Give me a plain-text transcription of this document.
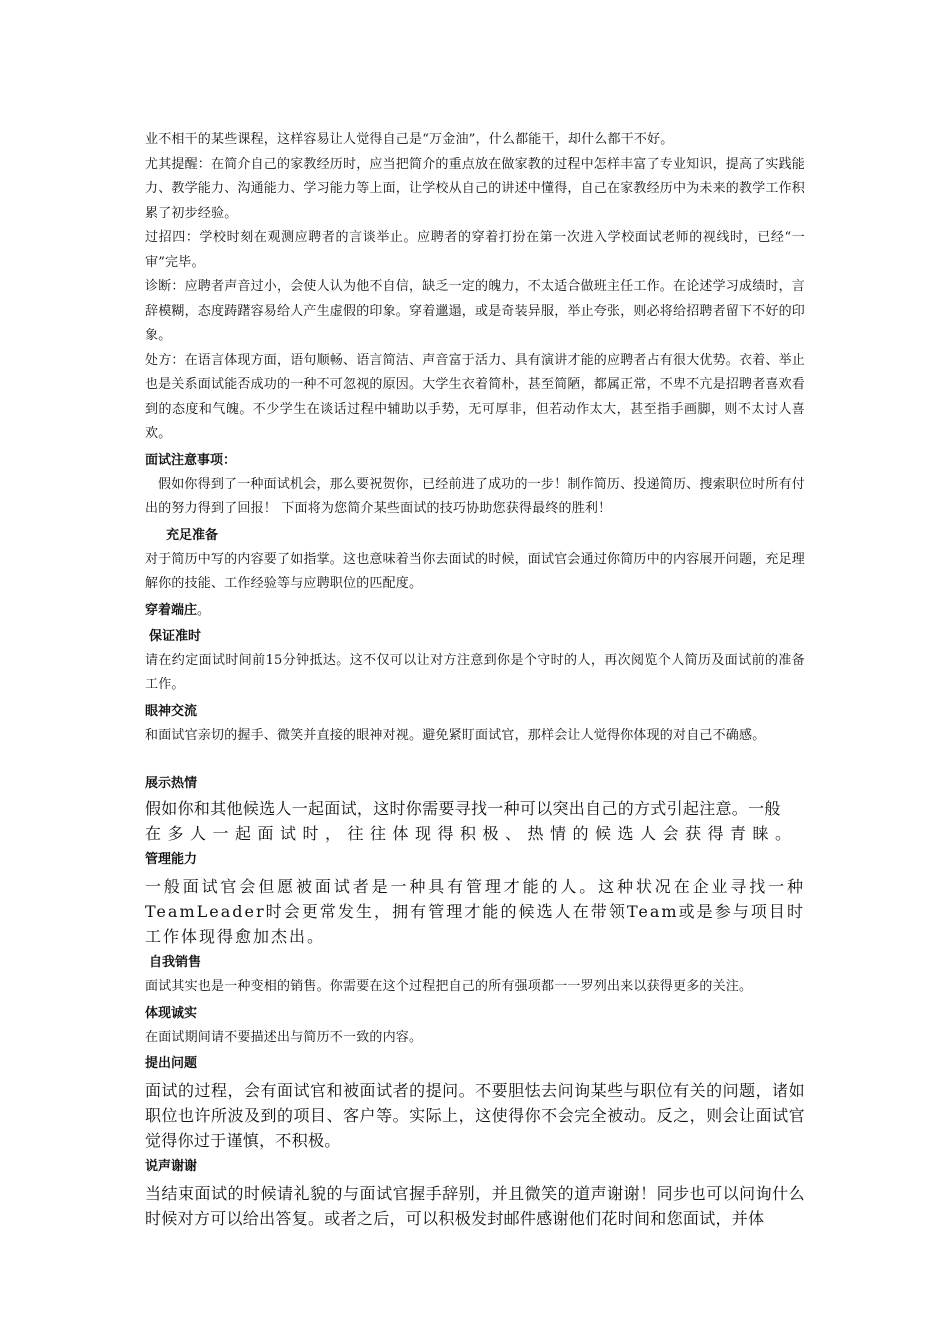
业不相干的某些课程，这样容易让人觉得自己是“万金油”，什么都能干，却什么都干不好。

尤其提醒：在简介自己的家教经历时，应当把简介的重点放在做家教的过程中怎样丰富了专业知识，提高了实践能力、教学能力、沟通能力、学习能力等上面，让学校从自己的讲述中懂得，自己在家教经历中为未来的教学工作积累了初步经验。

过招四：学校时刻在观测应聘者的言谈举止。应聘者的穿着打扮在第一次进入学校面试老师的视线时，已经“一审”完毕。

诊断：应聘者声音过小，会使人认为他不自信，缺乏一定的魄力，不太适合做班主任工作。在论述学习成绩时，言辞模糊，态度踌躇容易给人产生虚假的印象。穿着邋遢，或是奇装异服，举止夸张，则必将给招聘者留下不好的印象。

处方：在语言体现方面，语句顺畅、语言简洁、声音富于活力、具有演讲才能的应聘者占有很大优势。衣着、举止也是关系面试能否成功的一种不可忽视的原因。大学生衣着简朴，甚至简陋，都属正常，不卑不亢是招聘者喜欢看到的态度和气魄。不少学生在谈话过程中辅助以手势，无可厚非，但若动作太大，甚至指手画脚，则不太讨人喜欢。

面试注意事项：

假如你得到了一种面试机会，那么要祝贺你，已经前进了成功的一步！制作简历、投递简历、搜索职位时所有付出的努力得到了回报！ 下面将为您简介某些面试的技巧协助您获得最终的胜利！

充足准备

对于简历中写的内容要了如指掌。这也意味着当你去面试的时候，面试官会通过你简历中的内容展开问题，充足理解你的技能、工作经验等与应聘职位的匹配度。

穿着端庄。
保证准时

请在约定面试时间前15分钟抵达。这不仅可以让对方注意到你是个守时的人，再次阅览个人简历及面试前的准备工作。

眼神交流

和面试官亲切的握手、微笑并直接的眼神对视。避免紧盯面试官，那样会让人觉得你体现的对自己不确感。

展示热情

假如你和其他候选人一起面试，这时你需要寻找一种可以突出自己的方式引起注意。一般

在多人一起面试时，往往体现得积极、热情的候选人会获得青睐。

管理能力

一般面试官会但愿被面试者是一种具有管理才能的人。这种状况在企业寻找一种TeamLeader时会更常发生，拥有管理才能的候选人在带领Team或是参与项目时工作体现得愈加杰出。

自我销售

面试其实也是一种变相的销售。你需要在这个过程把自己的所有强项都一一罗列出来以获得更多的关注。

体现诚实

在面试期间请不要描述出与简历不一致的内容。

提出问题

面试的过程，会有面试官和被面试者的提问。不要胆怯去问询某些与职位有关的问题，诸如职位也许所波及到的项目、客户等。实际上，这使得你不会完全被动。反之，则会让面试官觉得你过于谨慎，不积极。

说声谢谢

当结束面试的时候请礼貌的与面试官握手辞别，并且微笑的道声谢谢！同步也可以问询什么时候对方可以给出答复。或者之后，可以积极发封邮件感谢他们花时间和您面试，并体
